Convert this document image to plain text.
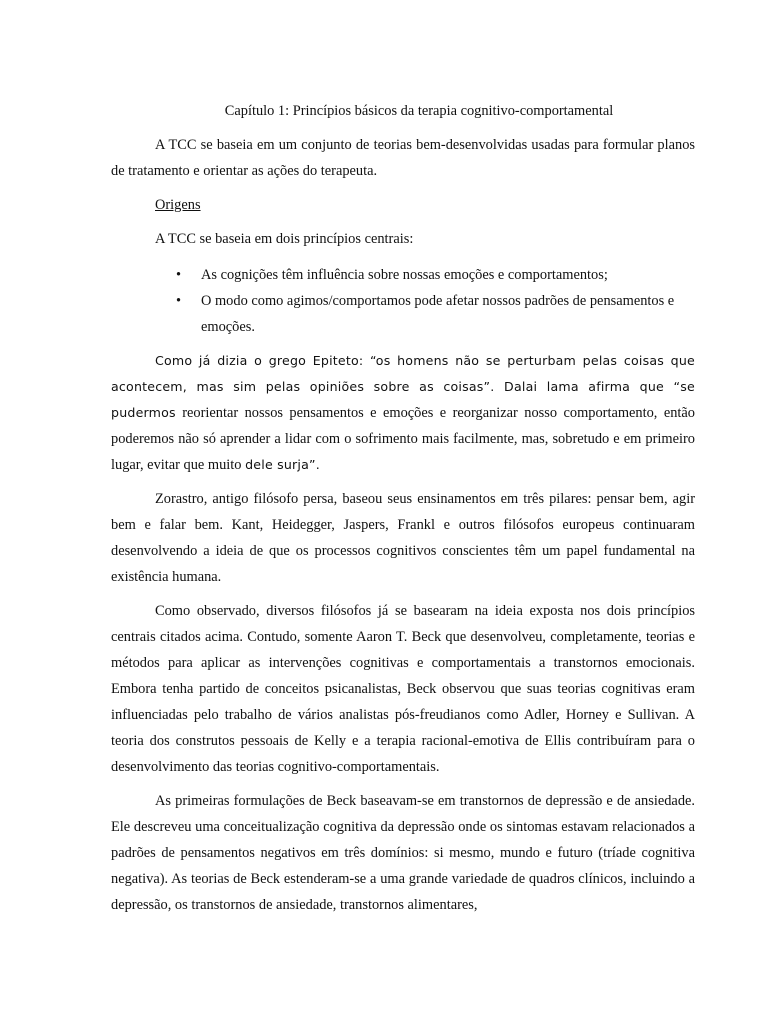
Capítulo 1: Princípios básicos da terapia cognitivo-comportamental

A TCC se baseia em um conjunto de teorias bem-desenvolvidas usadas para formular planos de tratamento e orientar as ações do terapeuta.

Origens

A TCC se baseia em dois princípios centrais:

• As cognições têm influência sobre nossas emoções e comportamentos;
• O modo como agimos/comportamos pode afetar nossos padrões de pensamentos e emoções.

Como já dizia o grego Epiteto: “os homens não se perturbam pelas coisas que acontecem, mas sim pelas opiniões sobre as coisas”. Dalai lama afirma que “se pudermos reorientar nossos pensamentos e emoções e reorganizar nosso comportamento, então poderemos não só aprender a lidar com o sofrimento mais facilmente, mas, sobretudo e em primeiro lugar, evitar que muito dele surja”.

Zorastro, antigo filósofo persa, baseou seus ensinamentos em três pilares: pensar bem, agir bem e falar bem. Kant, Heidegger, Jaspers, Frankl e outros filósofos europeus continuaram desenvolvendo a ideia de que os processos cognitivos conscientes têm um papel fundamental na existência humana.

Como observado, diversos filósofos já se basearam na ideia exposta nos dois princípios centrais citados acima. Contudo, somente Aaron T. Beck que desenvolveu, completamente, teorias e métodos para aplicar as intervenções cognitivas e comportamentais a transtornos emocionais. Embora tenha partido de conceitos psicanalistas, Beck observou que suas teorias cognitivas eram influenciadas pelo trabalho de vários analistas pós-freudianos como Adler, Horney e Sullivan. A teoria dos construtos pessoais de Kelly e a terapia racional-emotiva de Ellis contribuíram para o desenvolvimento das teorias cognitivo-comportamentais.

As primeiras formulações de Beck baseavam-se em transtornos de depressão e de ansiedade. Ele descreveu uma conceitualização cognitiva da depressão onde os sintomas estavam relacionados a padrões de pensamentos negativos em três domínios: si mesmo, mundo e futuro (tríade cognitiva negativa). As teorias de Beck estenderam-se a uma grande variedade de quadros clínicos, incluindo a depressão, os transtornos de ansiedade, transtornos alimentares,
